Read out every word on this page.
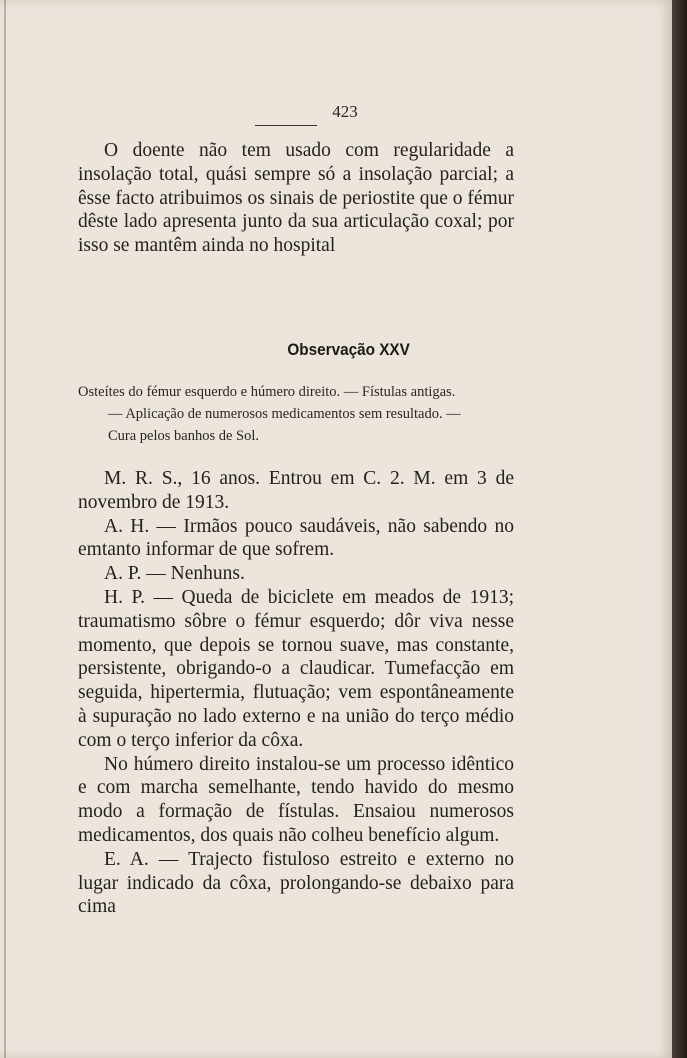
423

O doente não tem usado com regularidade a insolação total, quási sempre só a insolação parcial; a êsse facto atribuimos os sinais de periostite que o fémur dêste lado apresenta junto da sua articulação coxal; por isso se mantêm ainda no hospital

Observação XXV
Osteítes do fémur esquerdo e húmero direito. — Fístulas antigas.
— Aplicação de numerosos medicamentos sem resultado. —
Cura pelos banhos de Sol.

M. R. S., 16 anos. Entrou em C. 2. M. em 3 de novembro de 1913.

A. H. — Irmãos pouco saudáveis, não sabendo no emtanto informar de que sofrem.

A. P. — Nenhuns.

H. P. — Queda de biciclete em meados de 1913; traumatismo sôbre o fémur esquerdo; dôr viva nesse momento, que depois se tornou suave, mas constante, persistente, obrigando-o a claudicar. Tumefacção em seguida, hipertermia, flutuação; vem espontâneamente à supuração no lado externo e na união do terço médio com o terço inferior da côxa.

No húmero direito instalou-se um processo idêntico e com marcha semelhante, tendo havido do mesmo modo a formação de fístulas. Ensaiou numerosos medicamentos, dos quais não colheu benefício algum.

E. A. — Trajecto fistuloso estreito e externo no lugar indicado da côxa, prolongando-se debaixo para cima
